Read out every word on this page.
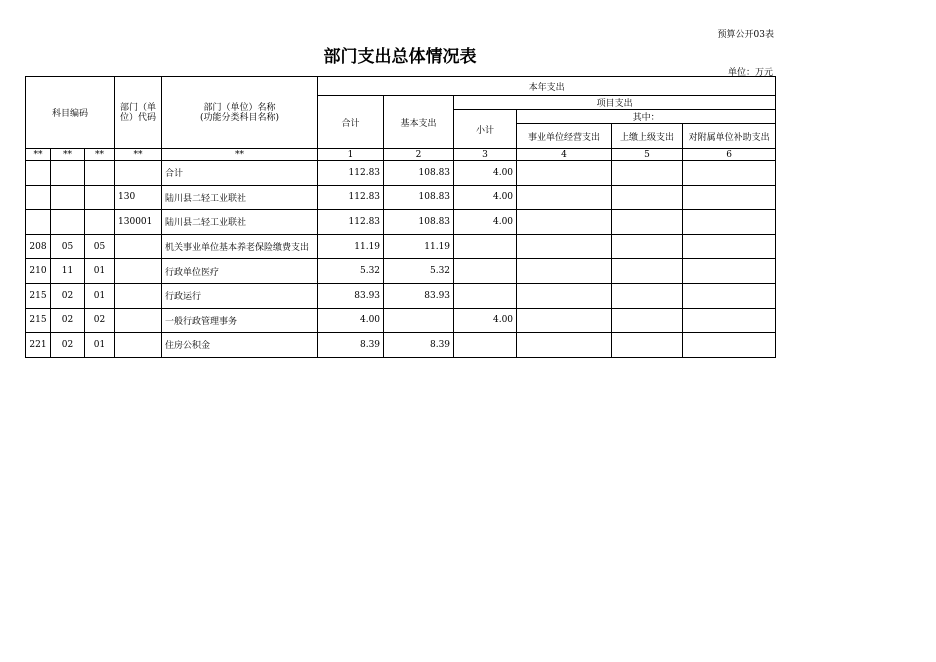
预算公开03表
部门支出总体情况表
单位：万元
科目编码			部门（单位）代码	部门（单位）名称
(功能分类科目名称)	本年支出					
					合计	基本支出	项目支出			
							小计	其中：		
								事业单位经营支出	上缴上级支出	对附属单位补助支出
**	**	**	**	**	1	2	3	4	5	6
				合计	112.83	108.83	4.00			
			130	陆川县二轻工业联社	112.83	108.83	4.00			
			130001	陆川县二轻工业联社	112.83	108.83	4.00			
208	05	05		机关事业单位基本养老保险缴费支出	11.19	11.19				
210	11	01		行政单位医疗	5.32	5.32				
215	02	01		行政运行	83.93	83.93				
215	02	02		一般行政管理事务	4.00		4.00			
221	02	01		住房公积金	8.39	8.39				
